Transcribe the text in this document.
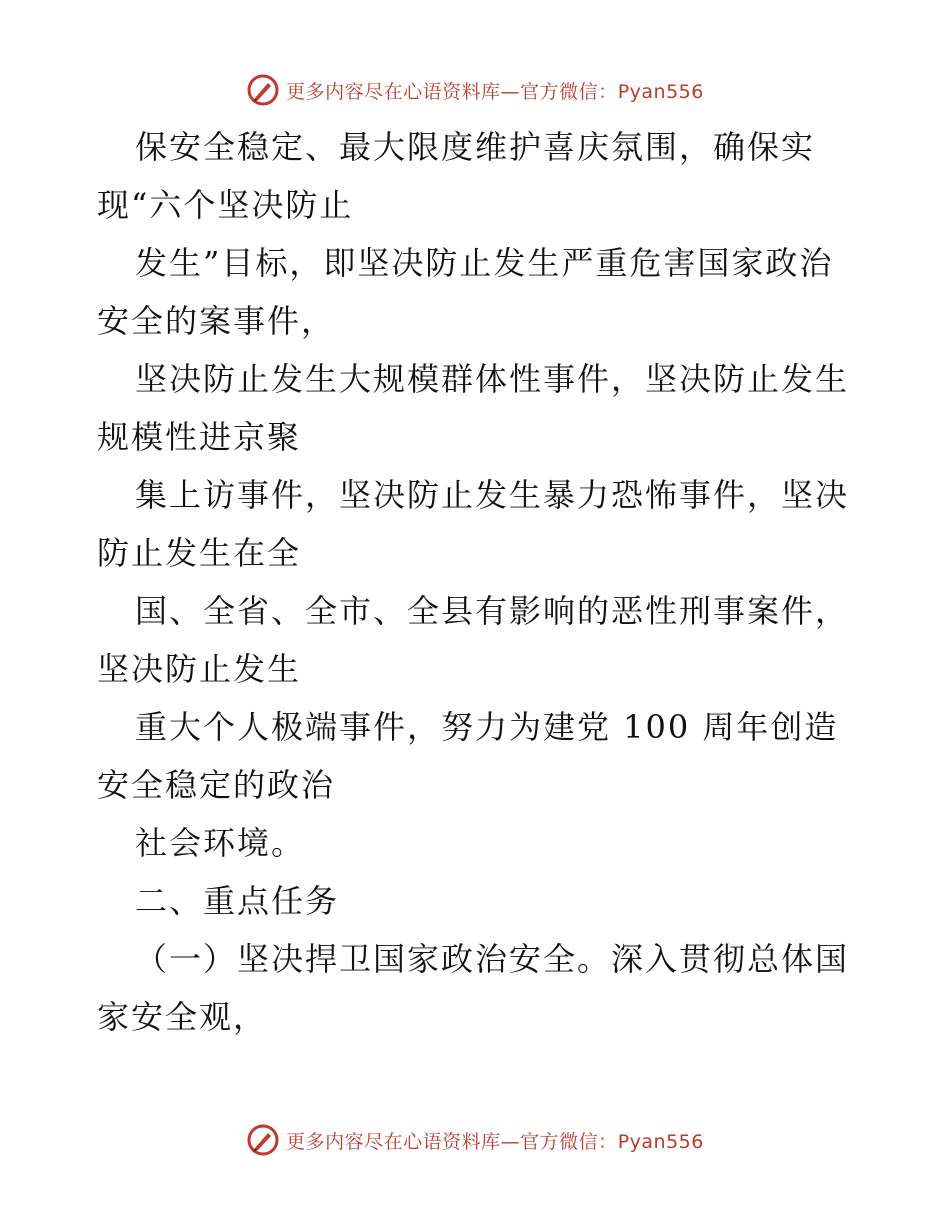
更多内容尽在心语资料库—官方微信：Pyan556
保安全稳定、最大限度维护喜庆氛围，确保实
现“六个坚决防止
发生”目标，即坚决防止发生严重危害国家政治
安全的案事件，
坚决防止发生大规模群体性事件，坚决防止发生
规模性进京聚
集上访事件，坚决防止发生暴力恐怖事件，坚决
防止发生在全
国、全省、全市、全县有影响的恶性刑事案件，
坚决防止发生
重大个人极端事件，努力为建党 100 周年创造
安全稳定的政治
社会环境。
二、重点任务
（一）坚决捍卫国家政治安全。深入贯彻总体国
家安全观，
更多内容尽在心语资料库—官方微信：Pyan556
